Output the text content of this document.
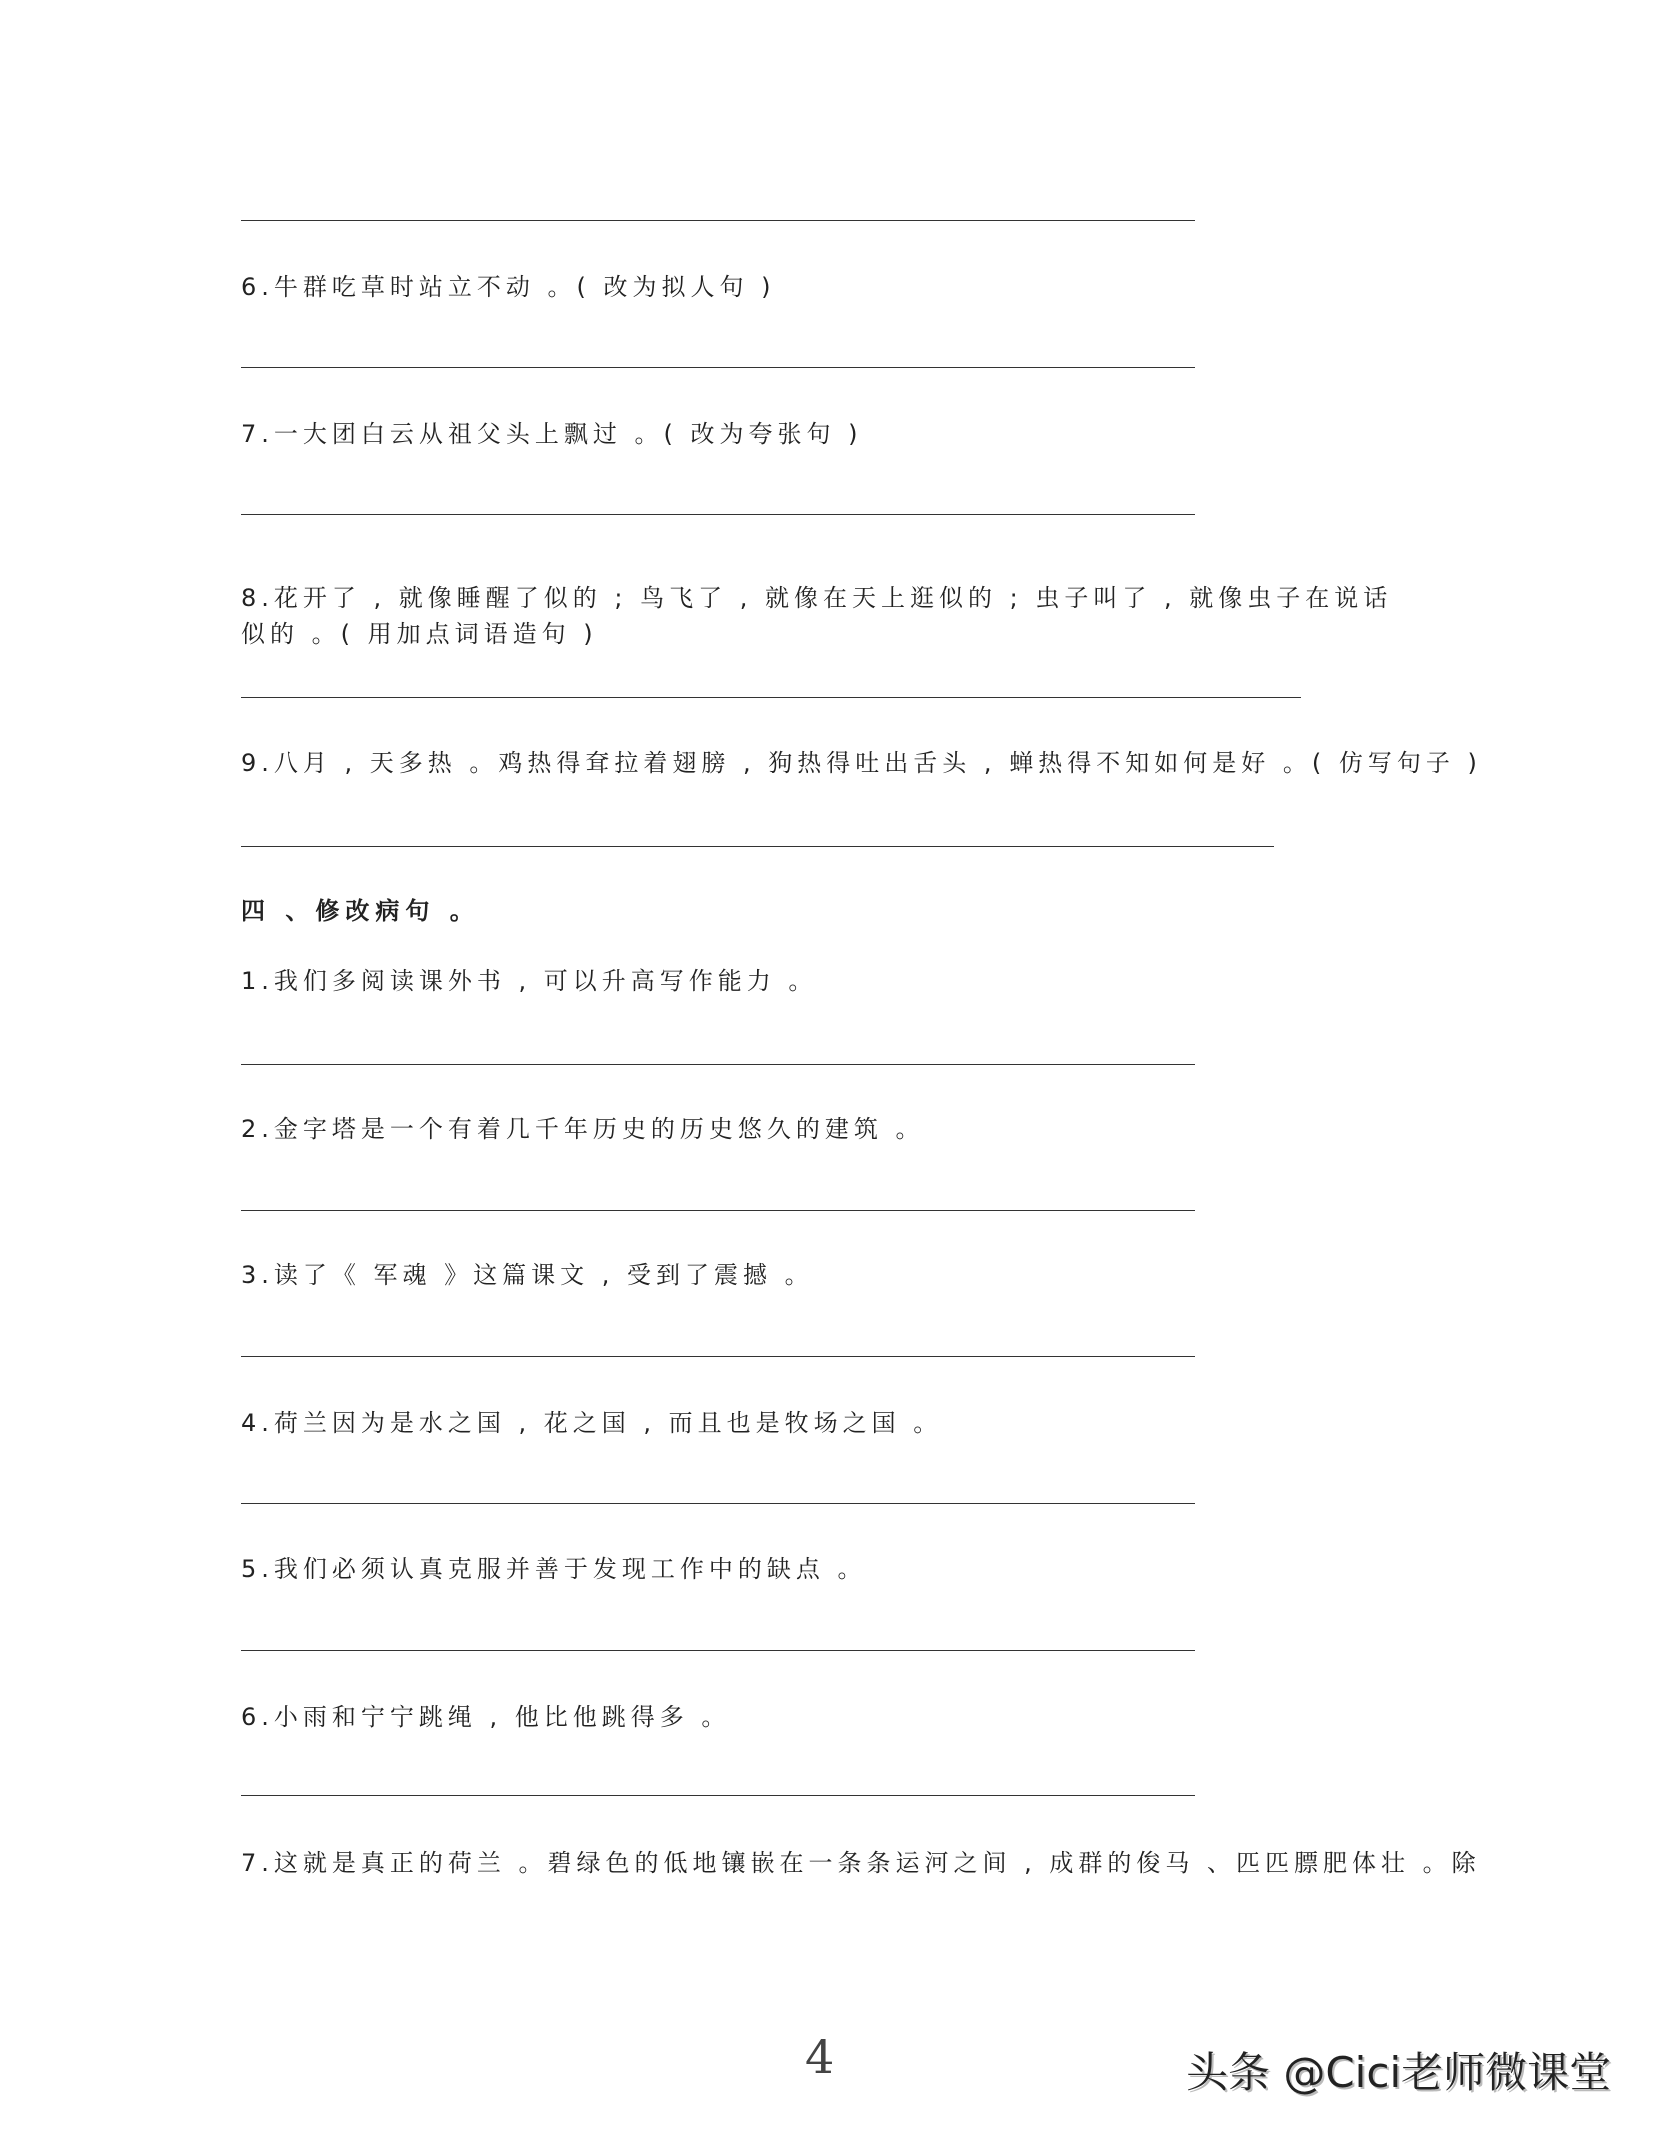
6.牛群吃草时站立不动 。( 改为拟人句 )
7.一大团白云从祖父头上飘过 。( 改为夸张句 )
8.花开了 , 就像睡醒了似的 ; 鸟飞了 , 就像在天上逛似的 ; 虫子叫了 , 就像虫子在说话似的 。( 用加点词语造句 )
9.八月 , 天多热 。鸡热得耷拉着翅膀 , 狗热得吐出舌头 , 蝉热得不知如何是好 。( 仿写句子 )
四 、修改病句 。
1.我们多阅读课外书 , 可以升高写作能力 。
2.金字塔是一个有着几千年历史的历史悠久的建筑 。
3.读了《 军魂 》这篇课文 , 受到了震撼 。
4.荷兰因为是水之国 , 花之国 , 而且也是牧场之国 。
5.我们必须认真克服并善于发现工作中的缺点 。
6.小雨和宁宁跳绳 , 他比他跳得多 。
7.这就是真正的荷兰 。碧绿色的低地镶嵌在一条条运河之间 , 成群的俊马 、匹匹膘肥体壮 。除
4	头条 @Cici老师微课堂
